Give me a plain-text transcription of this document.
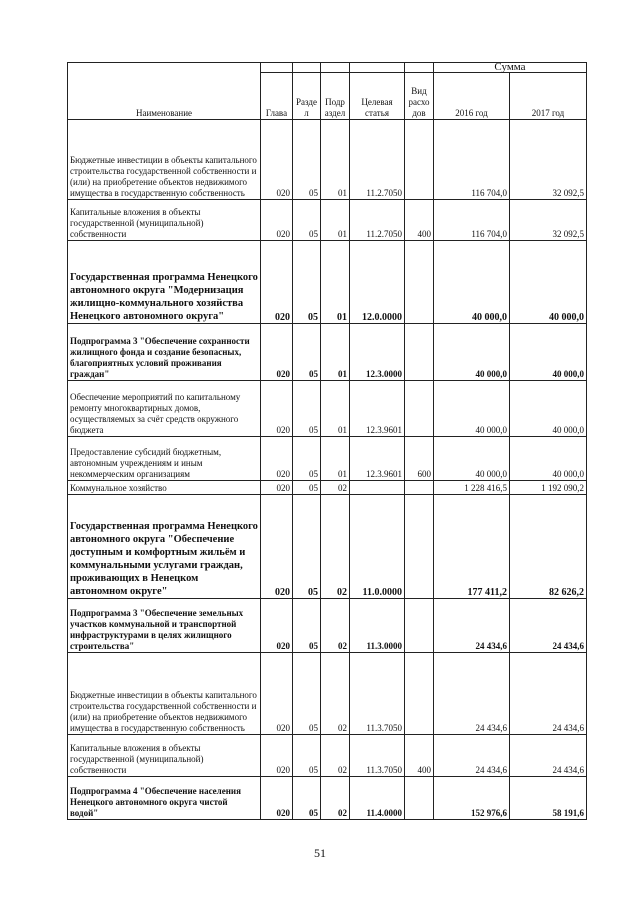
Наименование						Сумма	
	Глава	Разде л	Подр аздел	Целевая статья	Вид расхо дов	2016 год	2017 год
Бюджетные инвестиции в объекты капитального строительства государственной собственности и (или) на приобретение объектов недвижимого имущества в государственную собственность	020	05	01	11.2.7050		116 704,0	32 092,5
Капитальные вложения в объекты государственной (муниципальной) собственности	020	05	01	11.2.7050	400	116 704,0	32 092,5
Государственная программа Ненецкого автономного округа "Модернизация жилищно-коммунального хозяйства Ненецкого автономного округа"	020	05	01	12.0.0000		40 000,0	40 000,0
Подпрограмма 3 "Обеспечение сохранности жилищного фонда и создание безопасных, благоприятных условий проживания граждан"	020	05	01	12.3.0000		40 000,0	40 000,0
Обеспечение мероприятий по капитальному ремонту многоквартирных домов, осуществляемых за счёт средств окружного бюджета	020	05	01	12.3.9601		40 000,0	40 000,0
Предоставление субсидий бюджетным, автономным учреждениям и иным некоммерческим организациям	020	05	01	12.3.9601	600	40 000,0	40 000,0
Коммунальное хозяйство	020	05	02			1 228 416,5	1 192 090,2
Государственная программа Ненецкого автономного округа "Обеспечение доступным и комфортным жильём и коммунальными услугами граждан, проживающих в Ненецком автономном округе"	020	05	02	11.0.0000		177 411,2	82 626,2
Подпрограмма 3 "Обеспечение земельных участков коммунальной и транспортной инфраструктурами в целях жилищного строительства"	020	05	02	11.3.0000		24 434,6	24 434,6
Бюджетные инвестиции в объекты капитального строительства государственной собственности и (или) на приобретение объектов недвижимого имущества в государственную собственность	020	05	02	11.3.7050		24 434,6	24 434,6
Капитальные вложения в объекты государственной (муниципальной) собственности	020	05	02	11.3.7050	400	24 434,6	24 434,6
Подпрограмма 4 "Обеспечение населения Ненецкого автономного округа чистой водой"	020	05	02	11.4.0000		152 976,6	58 191,6
51
